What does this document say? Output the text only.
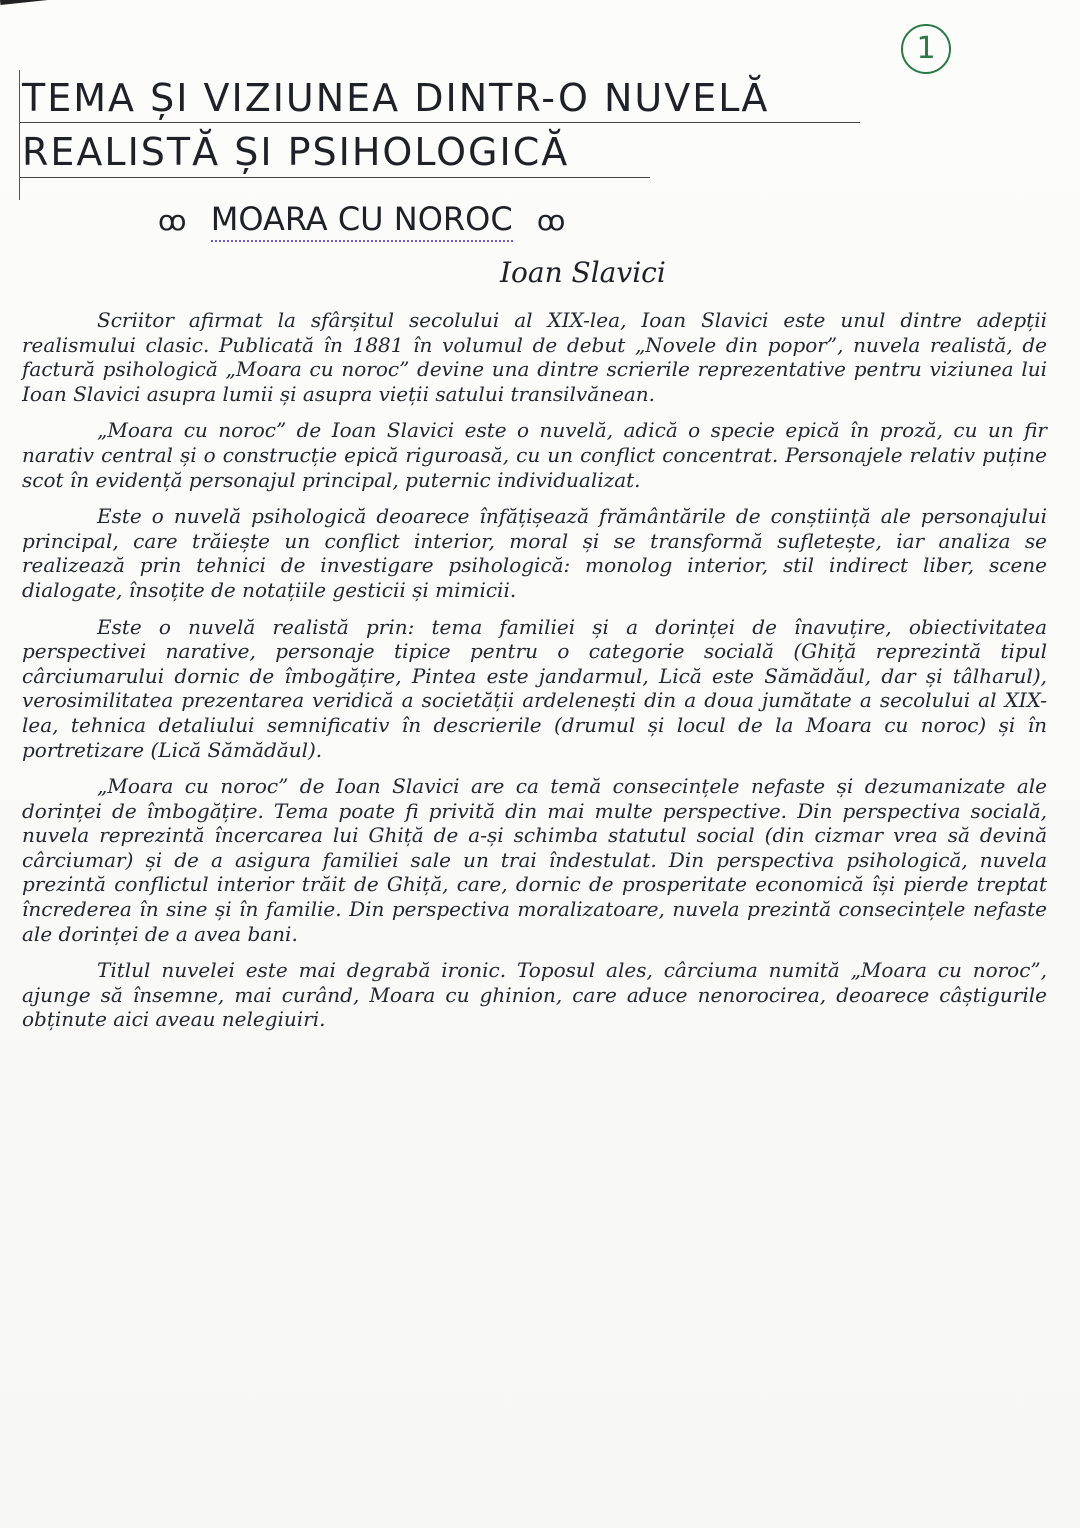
1
TEMA ȘI VIZIUNEA DINTR-O NUVELĂ
REALISTĂ ȘI PSIHOLOGICĂ
ꝏ MOARA CU NOROC ꝏ
Ioan Slavici

Scriitor afirmat la sfârșitul secolului al XIX-lea, Ioan Slavici este unul dintre adepții realismului clasic. Publicată în 1881 în volumul de debut „Novele din popor”, nuvela realistă, de factură psihologică „Moara cu noroc” devine una dintre scrierile reprezentative pentru viziunea lui Ioan Slavici asupra lumii și asupra vieții satului transilvănean.

„Moara cu noroc” de Ioan Slavici este o nuvelă, adică o specie epică în proză, cu un fir narativ central și o construcție epică riguroasă, cu un conflict concentrat. Personajele relativ puține scot în evidență personajul principal, puternic individualizat.

Este o nuvelă psihologică deoarece înfățișează frământările de conștiință ale personajului principal, care trăiește un conflict interior, moral și se transformă sufletește, iar analiza se realizează prin tehnici de investigare psihologică: monolog interior, stil indirect liber, scene dialogate, însoțite de notațiile gesticii și mimicii.

Este o nuvelă realistă prin: tema familiei și a dorinței de înavuțire, obiectivitatea perspectivei narative, personaje tipice pentru o categorie socială (Ghiță reprezintă tipul cârciumarului dornic de îmbogățire, Pintea este jandarmul, Lică este Sămădăul, dar și tâlharul), verosimilitatea prezentarea veridică a societății ardelenești din a doua jumătate a secolului al XIX-lea, tehnica detaliului semnificativ în descrierile (drumul și locul de la Moara cu noroc) și în portretizare (Lică Sămădăul).

„Moara cu noroc” de Ioan Slavici are ca temă consecințele nefaste și dezumanizate ale dorinței de îmbogățire. Tema poate fi privită din mai multe perspective. Din perspectiva socială, nuvela reprezintă încercarea lui Ghiță de a-și schimba statutul social (din cizmar vrea să devină cârciumar) și de a asigura familiei sale un trai îndestulat. Din perspectiva psihologică, nuvela prezintă conflictul interior trăit de Ghiță, care, dornic de prosperitate economică își pierde treptat încrederea în sine și în familie. Din perspectiva moralizatoare, nuvela prezintă consecințele nefaste ale dorinței de a avea bani.

Titlul nuvelei este mai degrabă ironic. Toposul ales, cârciuma numită „Moara cu noroc”, ajunge să însemne, mai curând, Moara cu ghinion, care aduce nenorocirea, deoarece câștigurile obținute aici aveau nelegiuiri.
